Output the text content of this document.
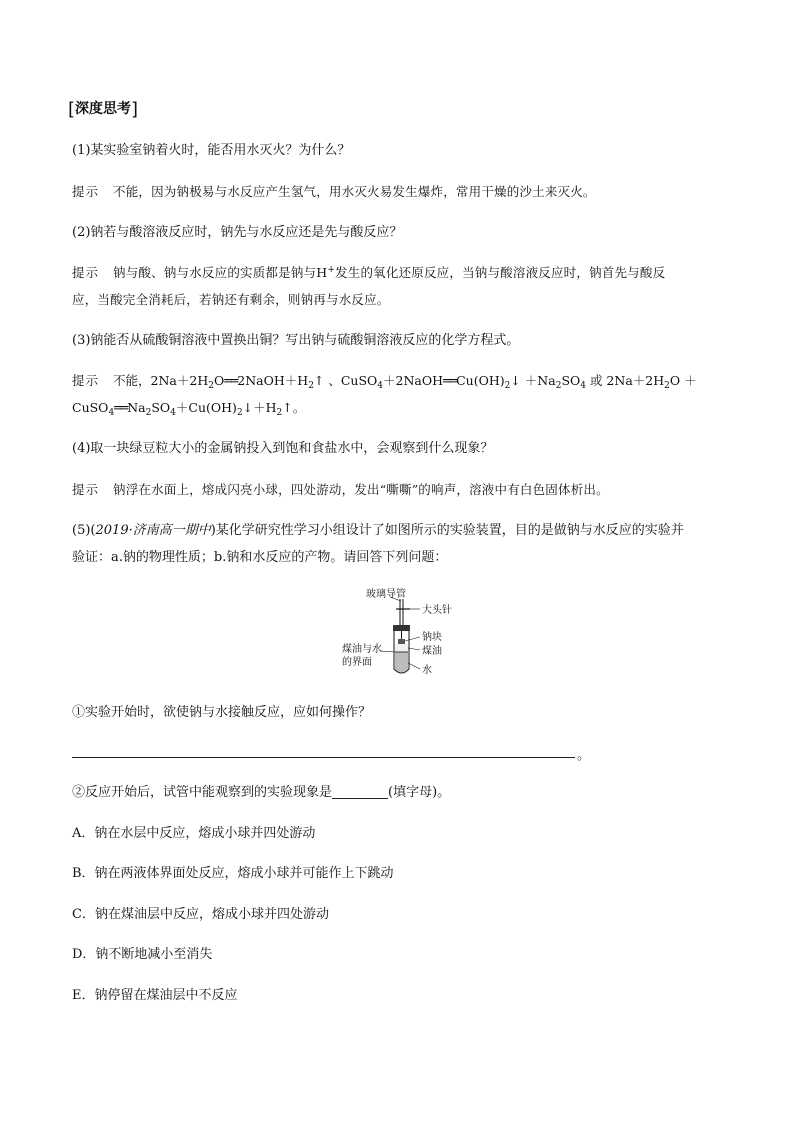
[深度思考]
(1)某实验室钠着火时，能否用水灭火？为什么？
提示 不能，因为钠极易与水反应产生氢气，用水灭火易发生爆炸，常用干燥的沙土来灭火。
(2)钠若与酸溶液反应时，钠先与水反应还是先与酸反应？
提示 钠与酸、钠与水反应的实质都是钠与H+发生的氧化还原反应，当钠与酸溶液反应时，钠首先与酸反
应，当酸完全消耗后，若钠还有剩余，则钠再与水反应。
(3)钠能否从硫酸铜溶液中置换出铜？写出钠与硫酸铜溶液反应的化学方程式。
提示 不能，$2Na+2H_2O══2NaOH+H_2↑$ 、$CuSO_4+2NaOH══Cu(OH)_2↓ +Na_2SO_4$ 或 $2Na+2H_2O$ ＋
$CuSO_4══Na_2SO_4+Cu(OH)_2↓+H_2↑$。
(4)取一块绿豆粒大小的金属钠投入到饱和食盐水中，会观察到什么现象？
提示 钠浮在水面上，熔成闪亮小球，四处游动，发出“嘶嘶”的响声，溶液中有白色固体析出。
(5)(2019·济南高一期中)某化学研究性学习小组设计了如图所示的实验装置，目的是做钠与水反应的实验并
验证：a.钠的物理性质；b.钠和水反应的产物。请回答下列问题：
玻璃导管
大头针
钠块
煤油
煤油与水
的界面
水
①实验开始时，欲使钠与水接触反应，应如何操作？
。
②反应开始后，试管中能观察到的实验现象是	(填字母)。
A．钠在水层中反应，熔成小球并四处游动
B．钠在两液体界面处反应，熔成小球并可能作上下跳动
C．钠在煤油层中反应，熔成小球并四处游动
D．钠不断地减小至消失
E．钠停留在煤油层中不反应
